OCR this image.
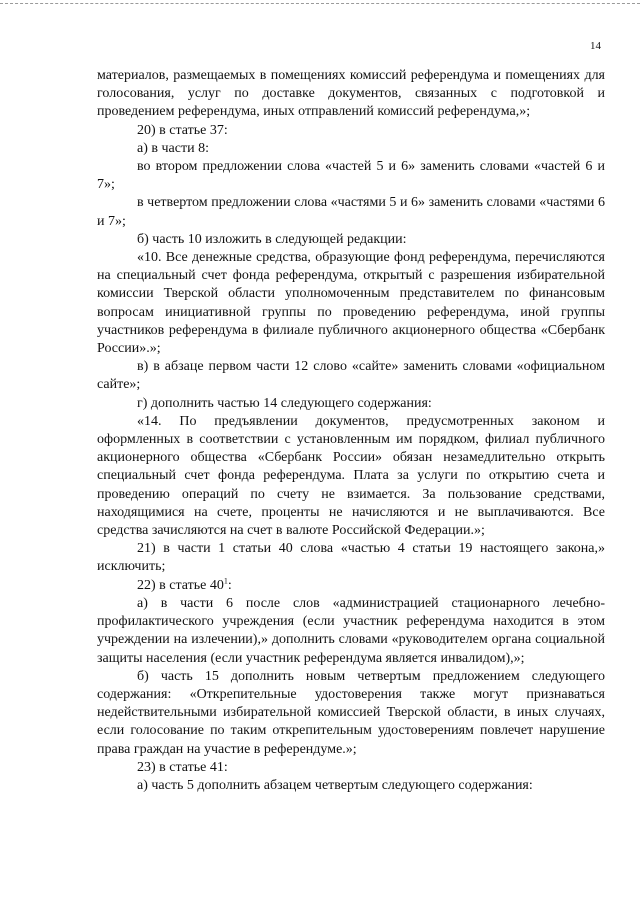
14

материалов, размещаемых в помещениях комиссий референдума и помещениях для голосования, услуг по доставке документов, связанных с подготовкой и проведением референдума, иных отправлений комиссий референдума,»;

20) в статье 37:

а) в части 8:

во втором предложении слова «частей 5 и 6» заменить словами «частей 6 и 7»;

в четвертом предложении слова «частями 5 и 6» заменить словами «частями 6 и 7»;

б) часть 10 изложить в следующей редакции:

«10. Все денежные средства, образующие фонд референдума, перечисляются на специальный счет фонда референдума, открытый с разрешения избирательной комиссии Тверской области уполномоченным представителем по финансовым вопросам инициативной группы по проведению референдума, иной группы участников референдума в филиале публичного акционерного общества «Сбербанк России».»;

в) в абзаце первом части 12 слово «сайте» заменить словами «официальном сайте»;

г) дополнить частью 14 следующего содержания:

«14. По предъявлении документов, предусмотренных законом и оформленных в соответствии с установленным им порядком, филиал публичного акционерного общества «Сбербанк России» обязан незамедлительно открыть специальный счет фонда референдума. Плата за услуги по открытию счета и проведению операций по счету не взимается. За пользование средствами, находящимися на счете, проценты не начисляются и не выплачиваются. Все средства зачисляются на счет в валюте Российской Федерации.»;

21) в части 1 статьи 40 слова «частью 4 статьи 19 настоящего закона,» исключить;

22) в статье $40^1$:

а) в части 6 после слов «администрацией стационарного лечебно-профилактического учреждения (если участник референдума находится в этом учреждении на излечении),» дополнить словами «руководителем органа социальной защиты населения (если участник референдума является инвалидом),»;

б) часть 15 дополнить новым четвертым предложением следующего содержания: «Открепительные удостоверения также могут признаваться недействительными избирательной комиссией Тверской области, в иных случаях, если голосование по таким открепительным удостоверениям повлечет нарушение права граждан на участие в референдуме.»;

23) в статье 41:

а) часть 5 дополнить абзацем четвертым следующего содержания:
